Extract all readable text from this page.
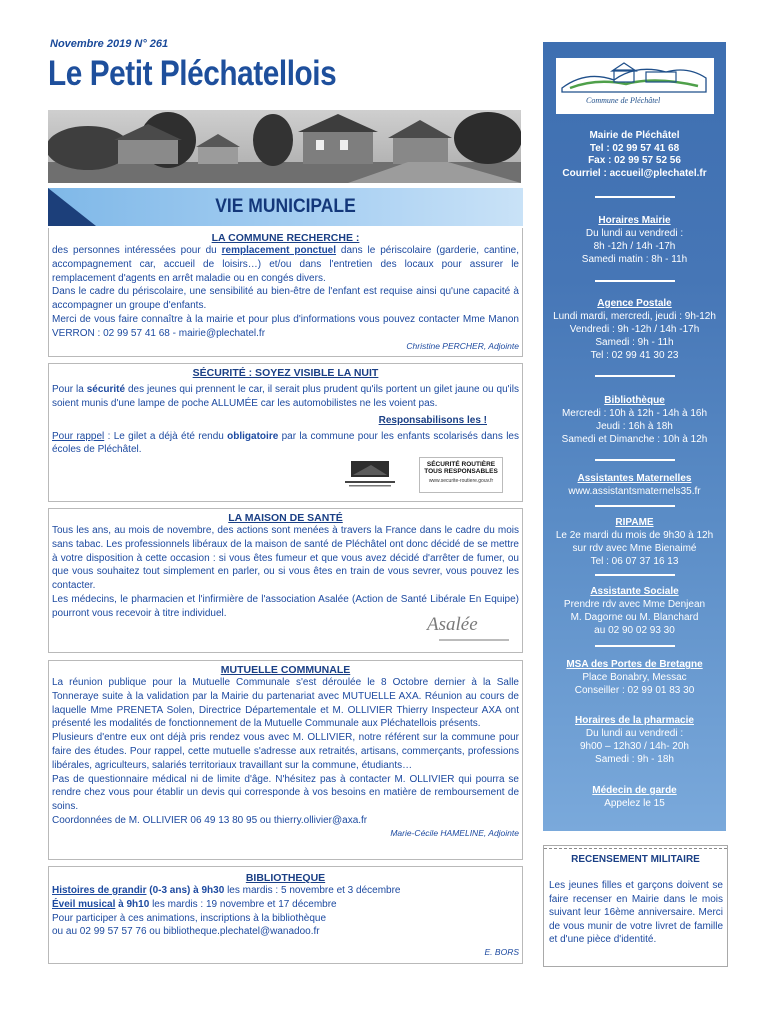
Novembre 2019 N° 261
Le Petit Pléchatellois
VIE MUNICIPALE
LA COMMUNE RECHERCHE :
des personnes intéressées pour du remplacement ponctuel dans le périscolaire (garderie, cantine, accompagnement car, accueil de loisirs…) et/ou dans l'entretien des locaux pour assurer le remplacement d'agents en arrêt maladie ou en congés divers.
Dans le cadre du périscolaire, une sensibilité au bien-être de l'enfant est requise ainsi qu'une capacité à accompagner un groupe d'enfants.
Merci de vous faire connaître à la mairie et pour plus d'informations vous pouvez contacter Mme Manon VERRON : 02 99 57 41 68 - mairie@plechatel.fr
Christine PERCHER, Adjointe
SÉCURITÉ : SOYEZ VISIBLE LA NUIT
Pour la sécurité des jeunes qui prennent le car, il serait plus prudent qu'ils portent un gilet jaune ou qu'ils soient munis d'une lampe de poche ALLUMÉE car les automobilistes ne les voient pas.
Responsabilisons les !
Pour rappel : Le gilet a déjà été rendu obligatoire par la commune pour les enfants scolarisés dans les écoles de Pléchâtel.
SÉCURITÉ ROUTIÈRE
TOUS RESPONSABLES
www.securite-routiere.gouv.fr
LA MAISON DE SANTÉ
Tous les ans, au mois de novembre, des actions sont menées à travers la France dans le cadre du mois sans tabac. Les professionnels libéraux de la maison de santé de Pléchâtel ont donc décidé de se mettre à votre disposition à cette occasion : si vous êtes fumeur et que vous avez décidé d'arrêter de fumer, ou que vous souhaitez tout simplement en parler, ou si vous êtes en train de vous sevrer, vous pouvez les contacter.
Les médecins, le pharmacien et l'infirmière de l'association Asalée (Action de Santé Libérale En Equipe) pourront vous recevoir à titre individuel.
Asalée
MUTUELLE COMMUNALE
La réunion publique pour la Mutuelle Communale s'est déroulée le 8 Octobre dernier à la Salle Tonneraye suite à la validation par la Mairie du partenariat avec MUTUELLE AXA. Réunion au cours de laquelle Mme PRENETA Solen, Directrice Départementale et M. OLLIVIER Thierry Inspecteur AXA ont présenté les modalités de fonctionnement de la Mutuelle Communale aux Pléchatellois présents.
Plusieurs d'entre eux ont déjà pris rendez vous avec M. OLLIVIER, notre référent sur la commune pour faire des études. Pour rappel, cette mutuelle s'adresse aux retraités, artisans, commerçants, professions libérales, agriculteurs, salariés territoriaux travaillant sur la commune, étudiants…
Pas de questionnaire médical ni de limite d'âge. N'hésitez pas à contacter M. OLLIVIER qui pourra se rendre chez vous pour établir un devis qui corresponde à vos besoins en matière de remboursement de soins.
Coordonnées de M. OLLIVIER 06 49 13 80 95 ou thierry.ollivier@axa.fr
Marie-Cécile HAMELINE, Adjointe
BIBLIOTHEQUE
Histoires de grandir (0-3 ans) à 9h30 les mardis : 5 novembre et 3 décembre
Éveil musical à 9h10 les mardis : 19 novembre et 17 décembre
Pour participer à ces animations, inscriptions à la bibliothèque
ou au 02 99 57 57 76 ou bibliotheque.plechatel@wanadoo.fr
E. BORS
Mairie de Pléchâtel
Tel : 02 99 57 41 68
Fax : 02 99 57 52 56
Courriel : accueil@plechatel.fr
Horaires Mairie
Du lundi au vendredi :
8h -12h / 14h -17h
Samedi matin : 8h - 11h
Agence Postale
Lundi mardi, mercredi, jeudi : 9h-12h
Vendredi : 9h -12h / 14h -17h
Samedi : 9h - 11h
Tel : 02 99 41 30 23
Bibliothèque
Mercredi : 10h à 12h - 14h à 16h
Jeudi : 16h à 18h
Samedi et Dimanche : 10h à 12h
Assistantes Maternelles
www.assistantsmaternels35.fr
RIPAME
Le 2e mardi du mois de 9h30 à 12h
sur rdv avec Mme Bienaimé
Tel : 06 07 37 16 13
Assistante Sociale
Prendre rdv avec Mme Denjean
M. Dagorne ou M. Blanchard
au 02 90 02 93 30
MSA des Portes de Bretagne
Place Bonabry, Messac
Conseiller : 02 99 01 83 30
Horaires de la pharmacie
Du lundi au vendredi :
9h00 – 12h30 / 14h- 20h
Samedi : 9h - 18h
Médecin de garde
Appelez le 15
Commune de Pléchâtel
RECENSEMENT MILITAIRE
Les jeunes filles et garçons doivent se faire recenser en Mairie dans le mois suivant leur 16ème anniversaire. Merci de vous munir de votre livret de famille et d'une pièce d'identité.
